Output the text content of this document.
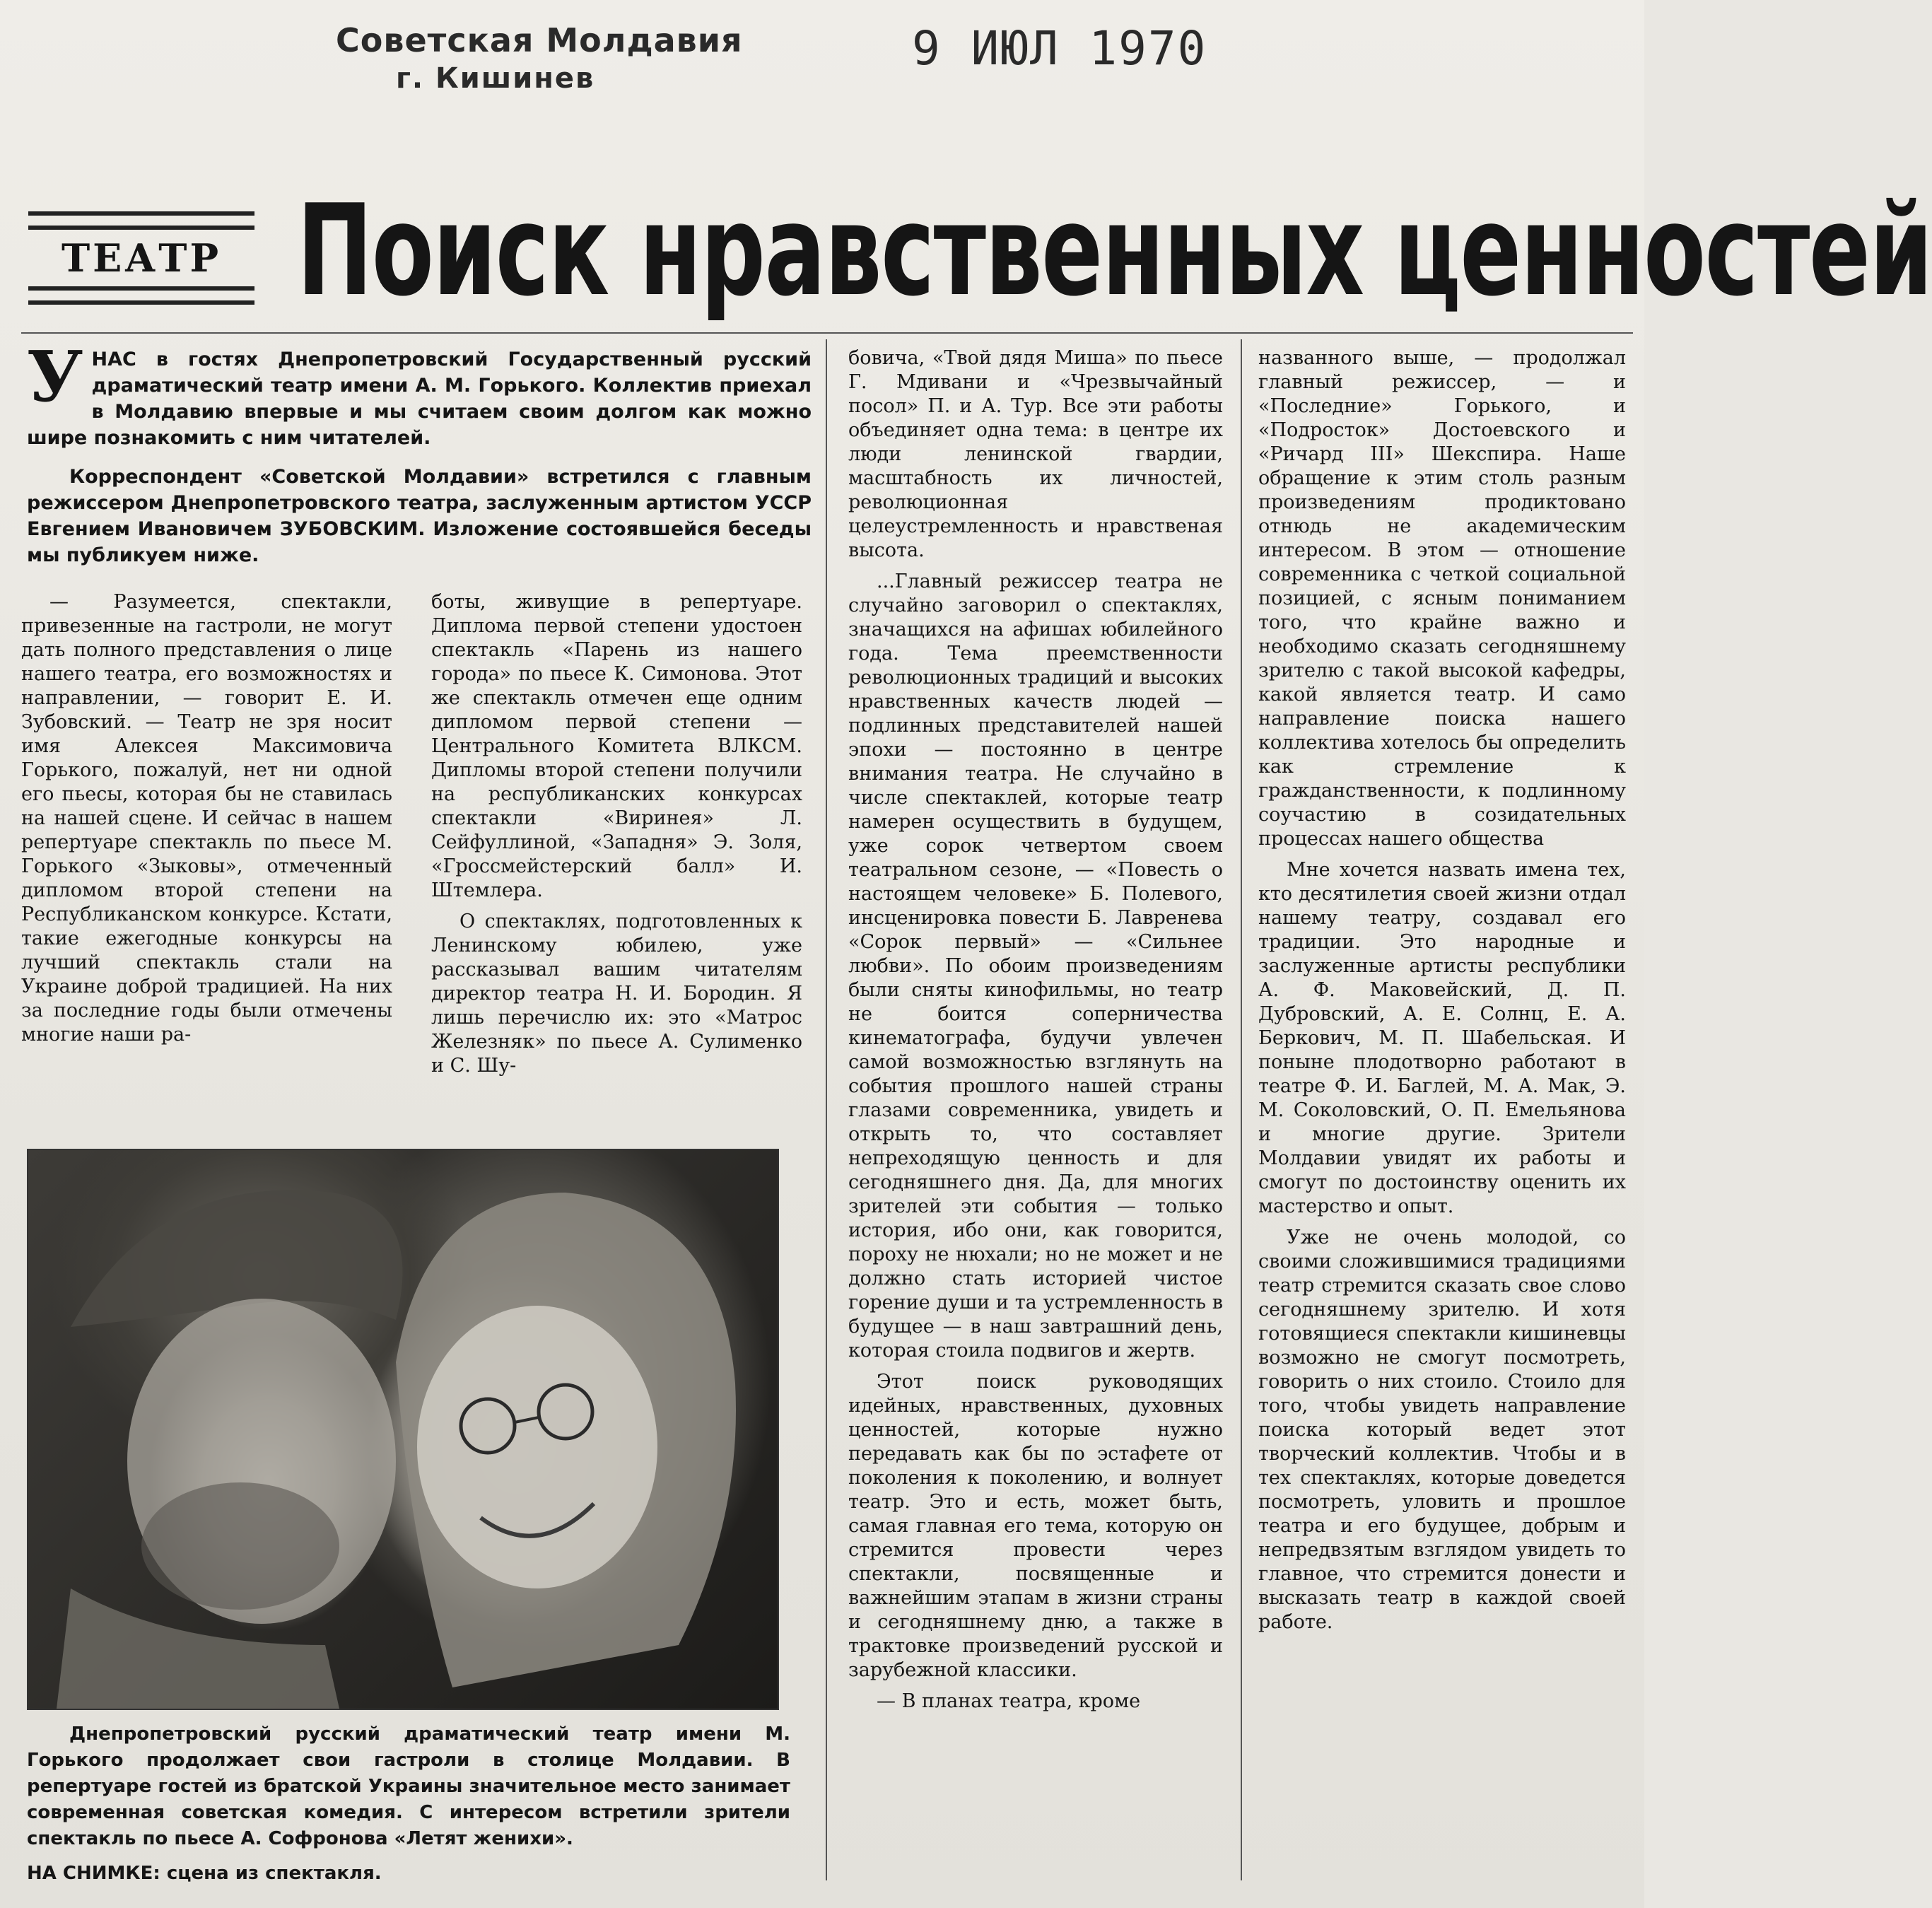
Советская Молдавия
г. Кишинев
9 ИЮЛ 1970
ТЕАТР Поиск нравственных ценностей

УНАС в гостях Днепропетровский Государственный русский драматический театр имени А. М. Горького. Коллектив приехал в Молдавию впервые и мы считаем своим долгом как можно шире познакомить с ним читателей.

Корреспондент «Советской Молдавии» встретился с главным режиссером Днепропетровского театра, заслуженным артистом УССР Евгением Ивановичем ЗУБОВСКИМ. Изложение состоявшейся беседы мы публикуем ниже.

— Разумеется, спектакли, привезенные на гастроли, не могут дать полного представления о лице нашего театра, его возможностях и направлении, — говорит Е. И. Зубовский. — Театр не зря носит имя Алексея Максимовича Горького, пожалуй, нет ни одной его пьесы, которая бы не ставилась на нашей сцене. И сейчас в нашем репертуаре спектакль по пьесе М. Горького «Зыковы», отмеченный дипломом второй степени на Республиканском конкурсе. Кстати, такие ежегодные конкурсы на лучший спектакль стали на Украине доброй традицией. На них за последние годы были отмечены многие наши ра-

боты, живущие в репертуаре. Диплома первой степени удостоен спектакль «Парень из нашего города» по пьесе К. Симонова. Этот же спектакль отмечен еще одним дипломом первой степени — Центрального Комитета ВЛКСМ. Дипломы второй степени получили на республиканских конкурсах спектакли «Виринея» Л. Сейфуллиной, «Западня» Э. Золя, «Гроссмейстерский балл» И. Штемлера.

О спектаклях, подготовленных к Ленинскому юбилею, уже рассказывал вашим читателям директор театра Н. И. Бородин. Я лишь перечислю их: это «Матрос Железняк» по пьесе А. Сулименко и С. Шу-

бовича, «Твой дядя Миша» по пьесе Г. Мдивани и «Чрезвычайный посол» П. и А. Тур. Все эти работы объединяет одна тема: в центре их люди ленинской гвардии, масштабность их личностей, революционная целеустремленность и нравственая высота.

...Главный режиссер театра не случайно заговорил о спектаклях, значащихся на афишах юбилейного года. Тема преемственности революционных традиций и высоких нравственных качеств людей — подлинных представителей нашей эпохи — постоянно в центре внимания театра. Не случайно в числе спектаклей, которые театр намерен осуществить в будущем, уже сорок четвертом своем театральном сезоне, — «Повесть о настоящем человеке» Б. Полевого, инсценировка повести Б. Лавренева «Сорок первый» — «Сильнее любви». По обоим произведениям были сняты кинофильмы, но театр не боится соперничества кинематографа, будучи увлечен самой возможностью взглянуть на события прошлого нашей страны глазами современника, увидеть и открыть то, что составляет непреходящую ценность и для сегодняшнего дня. Да, для многих зрителей эти события — только история, ибо они, как говорится, пороху не нюхали; но не может и не должно стать историей чистое горение души и та устремленность в будущее — в наш завтрашний день, которая стоила подвигов и жертв.

Этот поиск руководящих идейных, нравственных, духовных ценностей, которые нужно передавать как бы по эстафете от поколения к поколению, и волнует театр. Это и есть, может быть, самая главная его тема, которую он стремится провести через спектакли, посвященные и важнейшим этапам в жизни страны и сегодняшнему дню, а также в трактовке произведений русской и зарубежной классики.

— В планах театра, кроме

названного выше, — продолжал главный режиссер, — и «Последние» Горького, и «Подросток» Достоевского и «Ричард III» Шекспира. Наше обращение к этим столь разным произведениям продиктовано отнюдь не академическим интересом. В этом — отношение современника с четкой социальной позицией, с ясным пониманием того, что крайне важно и необходимо сказать сегодняшнему зрителю с такой высокой кафедры, какой является театр. И само направление поиска нашего коллектива хотелось бы определить как стремление к гражданственности, к подлинному соучастию в созидательных процессах нашего общества

Мне хочется назвать имена тех, кто десятилетия своей жизни отдал нашему театру, создавал его традиции. Это народные и заслуженные артисты республики А. Ф. Маковейский, Д. П. Дубровский, А. Е. Солнц, Е. А. Беркович, М. П. Шабельская. И поныне плодотворно работают в театре Ф. И. Баглей, М. А. Мак, Э. М. Соколовский, О. П. Емельянова и многие другие. Зрители Молдавии увидят их работы и смогут по достоинству оценить их мастерство и опыт.

Уже не очень молодой, со своими сложившимися традициями театр стремится сказать свое слово сегодняшнему зрителю. И хотя готовящиеся спектакли кишиневцы возможно не смогут посмотреть, говорить о них стоило. Стоило для того, чтобы увидеть направление поиска который ведет этот творческий коллектив. Чтобы и в тех спектаклях, которые доведется посмотреть, уловить и прошлое театра и его будущее, добрым и непредвзятым взглядом увидеть то главное, что стремится донести и высказать театр в каждой своей работе.

Днепропетровский русский драматический театр имени М. Горького продолжает свои гастроли в столице Молдавии. В репертуаре гостей из братской Украины значительное место занимает современная советская комедия. С интересом встретили зрители спектакль по пьесе А. Софронова «Летят женихи».

НА СНИМКЕ: сцена из спектакля.
